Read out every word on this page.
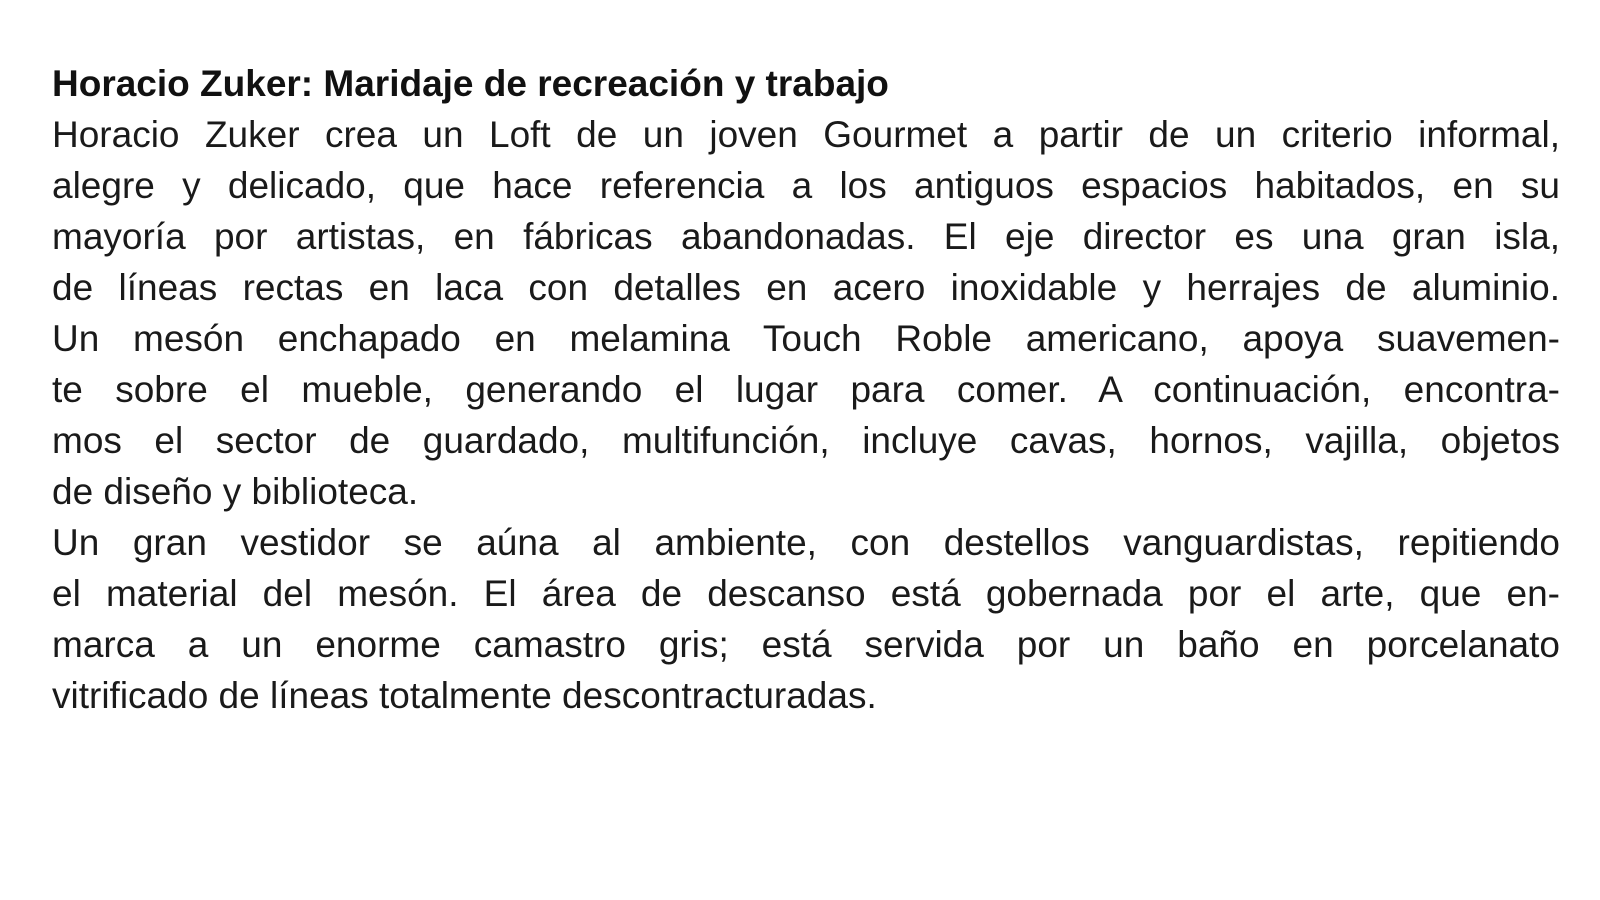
Horacio Zuker: Maridaje de recreación y trabajo

Horacio Zuker crea un Loft de un joven Gourmet a partir de un criterio informal,
alegre y delicado, que hace referencia a los antiguos espacios habitados, en su
mayoría por artistas, en fábricas abandonadas. El eje director es una gran isla,
de líneas rectas en laca con detalles en acero inoxidable y herrajes de aluminio.
Un mesón enchapado en melamina Touch Roble americano, apoya suavemen-
te sobre el mueble, generando el lugar para comer. A continuación, encontra-
mos el sector de guardado, multifunción, incluye cavas, hornos, vajilla, objetos
de diseño y biblioteca.

Un gran vestidor se aúna al ambiente, con destellos vanguardistas, repitiendo
el material del mesón. El área de descanso está gobernada por el arte, que en-
marca a un enorme camastro gris; está servida por un baño en porcelanato
vitrificado de líneas totalmente descontracturadas.
